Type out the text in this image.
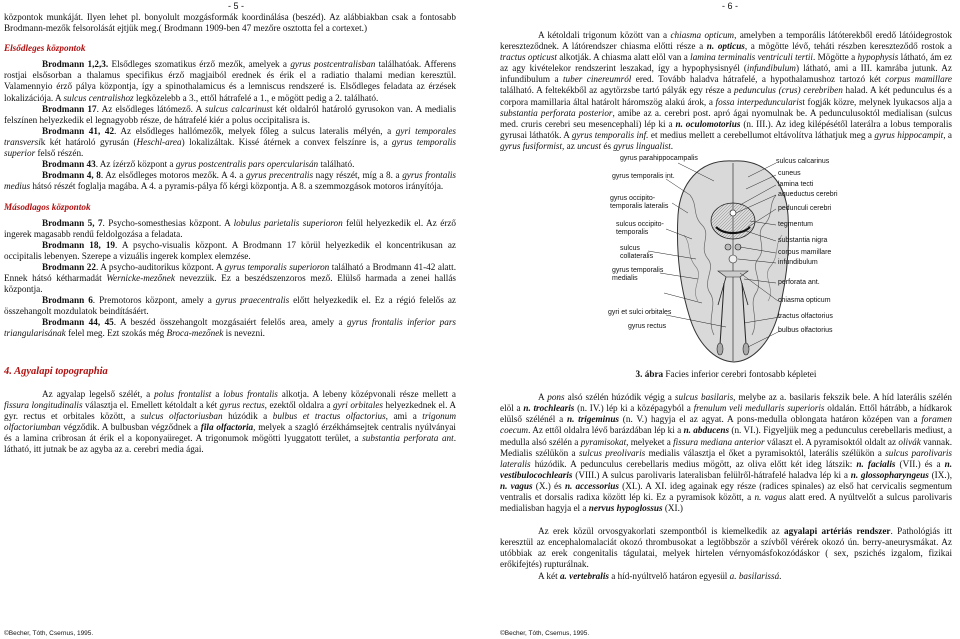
- 5 -	- 6 -

központok munkáját. Ilyen lehet pl. bonyolult mozgásformák koordinálása (beszéd). Az alábbiakban csak a fontosabb Brodmann-mezők felsorolását ejtjük meg.( Brodmann 1909-ben 47 mezőre osztotta fel a cortexet.)

Elsődleges központok

Brodmann 1,2,3. Elsődleges szomatikus érző mezők, amelyek a gyrus postcentralisban találhatóak. Afferens rostjai elsősorban a thalamus specifikus érző magjaiból erednek és érik el a radiatio thalami median keresztül. Valamennyio érző pálya központja, így a spinothalamicus és a lemniscus rendszeré is. Elsődleges feladata az érzések lokalizációja. A sulcus centralishoz legközelebb a 3., ettől hátrafelé a 1., e mögött pedig a 2. található.

Brodmann 17. Az elsődleges látómező. A sulcus calcarinust két oldalról határoló gyrusokon van. A medialis felszínen helyezkedik el legnagyobb része, de hátrafelé kiér a polus occipitalisra is.

Brodmann 41, 42. Az elsődleges hallómezők, melyek főleg a sulcus lateralis mélyén, a gyri temporales transversik két határoló gyrusán (Heschl-area) lokalizáltak. Kissé átérnek a convex felszínre is, a gyrus temporalis superior felső részén.

Brodmann 43. Az ízérző központ a gyrus postcentralis pars opercularisán található.

Brodmann 4, 8. Az elsődleges motoros mezők. A 4. a gyrus precentralis nagy részét, míg a 8. a gyrus frontalis medius hátsó részét foglalja magába. A 4. a pyramis-pálya fő kérgi központja. A 8. a szemmozgások motoros irányítója.

Másodlagos központok

Brodmann 5, 7. Psycho-somesthesias központ. A lobulus parietalis superioron felül helyezkedik el. Az érző ingerek magasabb rendű feldolgozása a feladata.

Brodmann 18, 19. A psycho-visualis központ. A Brodmann 17 körül helyezkedik el koncentrikusan az occipitalis lebenyen. Szerepe a vizuális ingerek komplex elemzése.

Brodmann 22. A psycho-auditorikus központ. A gyrus temporalis superioron található a Brodmann 41-42 alatt. Ennek hátsó kétharmadát Wernicke-mezőnek nevezzük. Ez a beszédszenzoros mező. Elülső harmada a zenei hallás központja.

Brodmann 6. Premotoros központ, amely a gyrus praecentralis előtt helyezkedik el. Ez a régió felelős az összehangolt mozdulatok beindításáért.

Brodmann 44, 45. A beszéd összehangolt mozgásaiért felelős area, amely a gyrus frontalis inferior pars triangularisának felel meg. Ezt szokás még Broca-mezőnek is nevezni.

4. Agyalapi topographia

Az agyalap legelső szélét, a polus frontalist a lobus frontalis alkotja. A lebeny középvonali része mellett a fissura longitudinalis választja el. Emellett kétoldalt a két gyrus rectus, ezektől oldalra a gyri orbitales helyezkednek el. A gyr. rectus et orbitales között, a sulcus olfactoriusban húzódik a bulbus et tractus olfactorius, ami a trigonum olfactoriumban végződik. A bulbusban végződnek a fila olfactoria, melyek a szagló érzékhámsejtek centralis nyúlványai és a lamina cribrosan át érik el a koponyaüreget. A trigonumok mögötti lyuggatott terület, a substantia perforata ant. látható, itt jutnak be az agyba az a. cerebri media ágai.

A kétoldali trigonum között van a chiasma opticum, amelyben a temporális látóterekből eredő látóidegrostok kereszteződnek. A látórendszer chiasma előtti része a n. opticus, a mögötte lévő, teháti részben kereszteződő rostok a tractus opticust alkotják. A chiasma alatt elöl van a lamina terminalis ventriculi tertii. Mögötte a hypophysis látható, ám ez az agy kivételekor rendszerint leszakad, így a hypophysisnyél (infundibulum) látható, ami a III. kamrába jutunk. Az infundibulum a tuber cinereumról ered. Tovább haladva hátrafelé, a hypothalamushoz tartozó két corpus mamillare található. A feltekékből az agytörzsbe tartó pályák egy része a pedunculus (crus) cerebriben halad. A két pedunculus és a corpora mamillaria által határolt háromszög alakú árok, a fossa interpeduncularist fogják közre, melynek lyukacsos alja a substantia perforata posterior, amibe az a. cerebri post. apró ágai nyomulnak be. A pedunculusoktól medialisan (sulcus med. cruris cerebri seu mesencephali) lép ki a n. oculomotorius (n. III.). Az ideg kilépésétől laterálra a lobus temporalis gyrusai láthatók. A gyrus temporalis inf. et medius mellett a cerebellumot eltávolítva láthatjuk meg a gyrus hippocampit, a gyrus fusiformist, az uncust és gyrus lingualist.

gyrus parahippocampalis
gyrus temporalis int.
gyrus occipito-
temporalis lateralis
sulcus occipito-
temporalis
sulcus
collateralis
gyrus temporalis
medialis
gyri et sulci orbitales
gyrus rectus
sulcus calcarinus
cuneus
lamina tecti
aqueductus cerebri
pedunculi cerebri
tegmentum
substantia nigra
corpus mamillare
infundibulum
perforata ant.
chiasma opticum
tractus olfactorius
bulbus olfactorius

3. ábra Facies inferior cerebri fontosabb képletei

A pons alsó szélén húzódik végig a sulcus basilaris, melybe az a. basilaris fekszik bele. A híd laterális szélén elöl a n. trochlearis (n. IV.) lép ki a középagyból a frenulum veli medullaris superioris oldalán. Ettől hátrább, a hídkarok elülső szélénél a n. trigeminus (n. V.) hagyja el az agyat. A pons-medulla oblongata határon középen van a foramen coecum. Az ettől oldalra lévő barázdában lép ki a n. abducens (n. VI.). Figyeljük meg a pedunculus cerebellaris mediust, a medulla alsó szélén a pyramisokat, melyeket a fissura mediana anterior választ el. A pyramisoktól oldalt az olivák vannak. Medialis szélükön a sulcus preolivaris medialis választja el őket a pyramisoktól, laterális szélükön a sulcus parolivaris lateralis húzódik. A pedunculus cerebellaris medius mögött, az oliva előtt két ideg látszik: n. facialis (VII.) és a n. vestibulocochlearis (VIII.) A sulcus parolivaris lateralisban felülről-hátrafelé haladva lép ki a n. glossopharyngeus (IX.), n. vagus (X.) és n. accessorius (XI.). A XI. ideg againak egy része (radices spinales) az első hat cervicalis segmentum ventralis et dorsalis radixa között lép ki. Ez a pyramisok között, a n. vagus alatt ered. A nyúltvelőt a sulcus parolivaris medialisban hagyja el a nervus hypoglossus (XI.)

Az erek közül orvosgyakorlati szempontból is kiemelkedik az agyalapi artériás rendszer. Pathológiás itt keresztül az encephalomalaciát okozó thrombusokat a legtöbbször a szívből vérérek okozó ún. berry-aneurysmákat. Az utóbbiak az erek congenitalis tágulatai, melyek hirtelen vérnyomásfokozódáskor ( sex, pszichés izgalom, fizikai erőkifejtés) rupturálnak.

A két a. vertebralis a híd-nyúltvelő határon egyesül a. basilarissá.

©Becher, Tóth, Csernus, 1995.	©Becher, Tóth, Csernus, 1995.
